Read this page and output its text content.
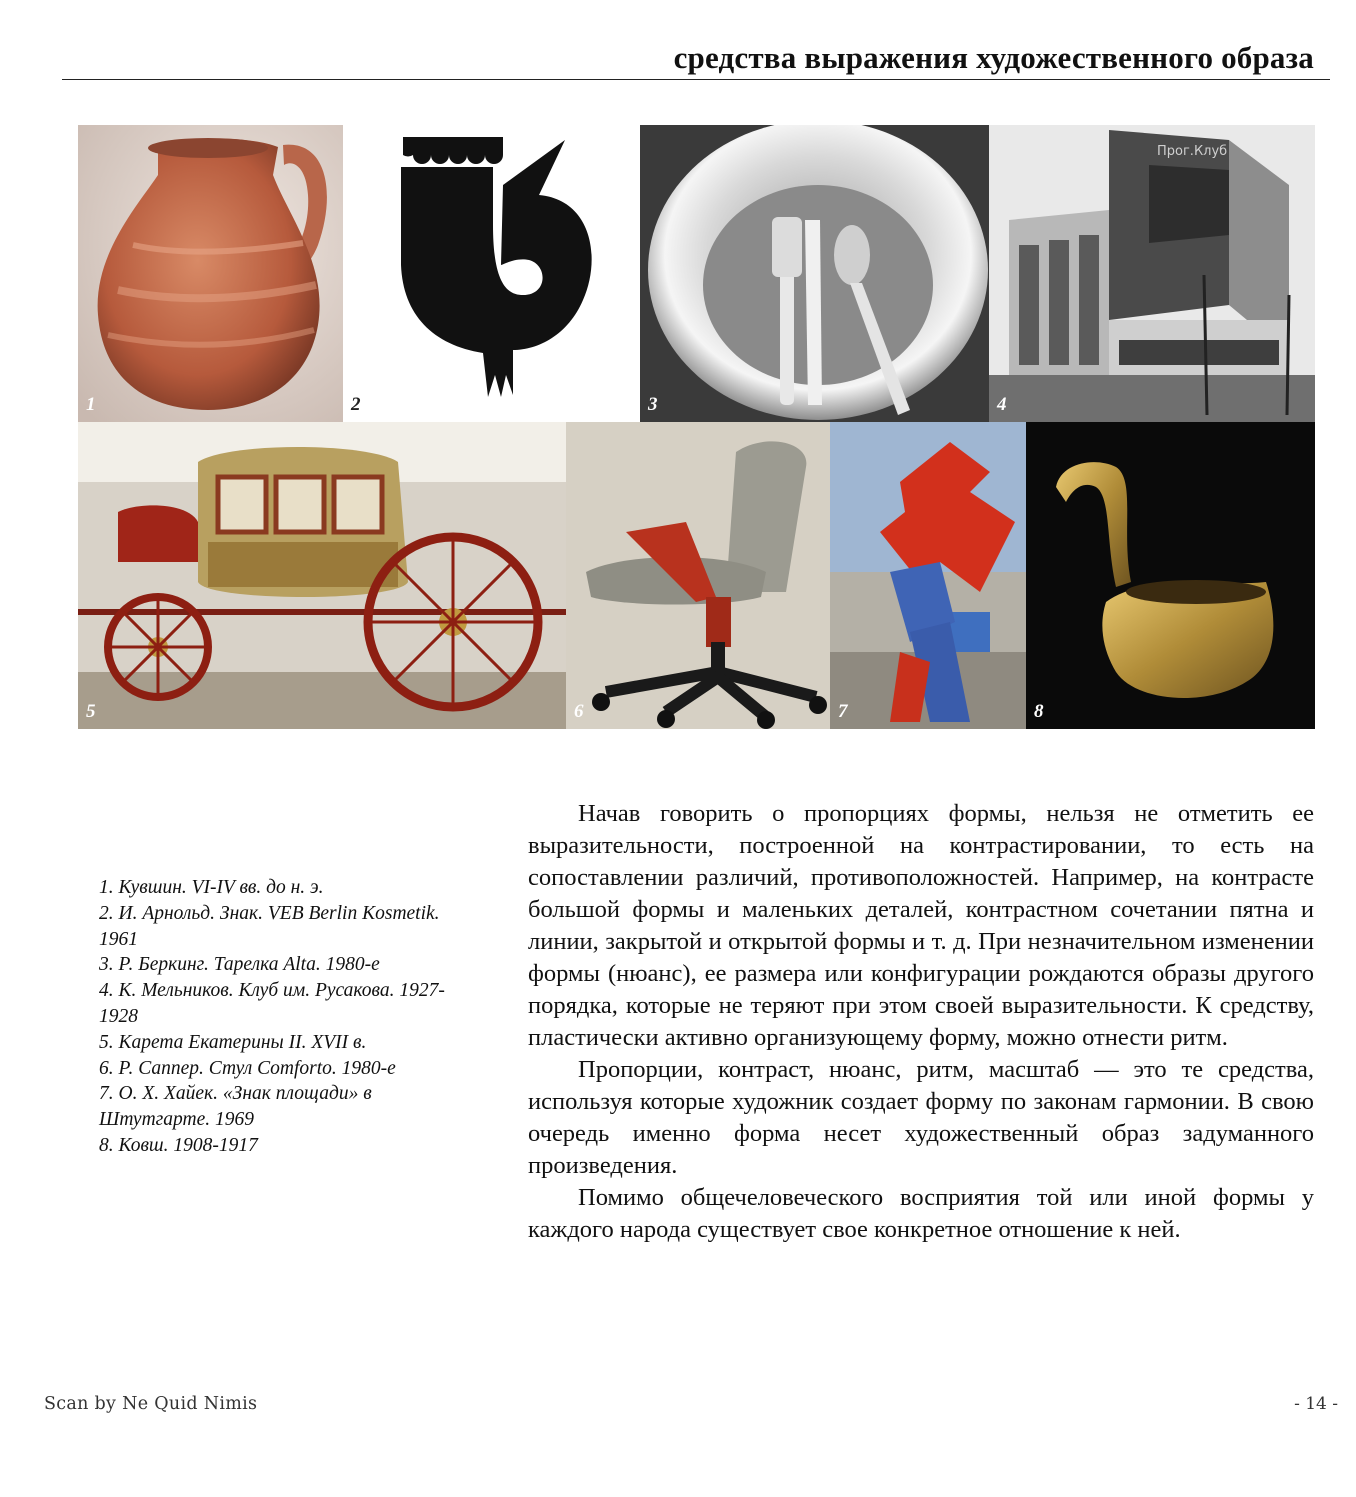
средства выражения художественного образа
1	2	3
Прог.Клуб
4
5	6	7	8
1. Кувшин. VI-IV вв. до н. э.
2. И. Арнольд. Знак. VEB Berlin Kosmetik. 1961
3. Р. Беркинг. Тарелка Alta. 1980-е
4. К. Мельников. Клуб им. Русакова. 1927-1928
5. Карета Екатерины II. XVII в.
6. Р. Саппер. Стул Comforto. 1980-е
7. О. Х. Хайек. «Знак площади» в Штутгарте. 1969
8. Ковш. 1908-1917

Начав говорить о пропорциях формы, нельзя не отметить ее выразительности, построенной на контрастировании, то есть на сопоставлении различий, противоположностей. Например, на контрасте большой формы и маленьких деталей, контрастном сочетании пятна и линии, закрытой и открытой формы и т. д. При незначительном изменении формы (нюанс), ее размера или конфигурации рождаются образы другого порядка, которые не теряют при этом своей выразительности. К средству, пластически активно организующему форму, можно отнести ритм.

Пропорции, контраст, нюанс, ритм, масштаб — это те средства, используя которые художник создает форму по законам гармонии. В свою очередь именно форма несет художественный образ задуманного произведения.

Помимо общечеловеческого восприятия той или иной формы у каждого народа существует свое конкретное отношение к ней.

Scan by Ne Quid Nimis	- 14 -
